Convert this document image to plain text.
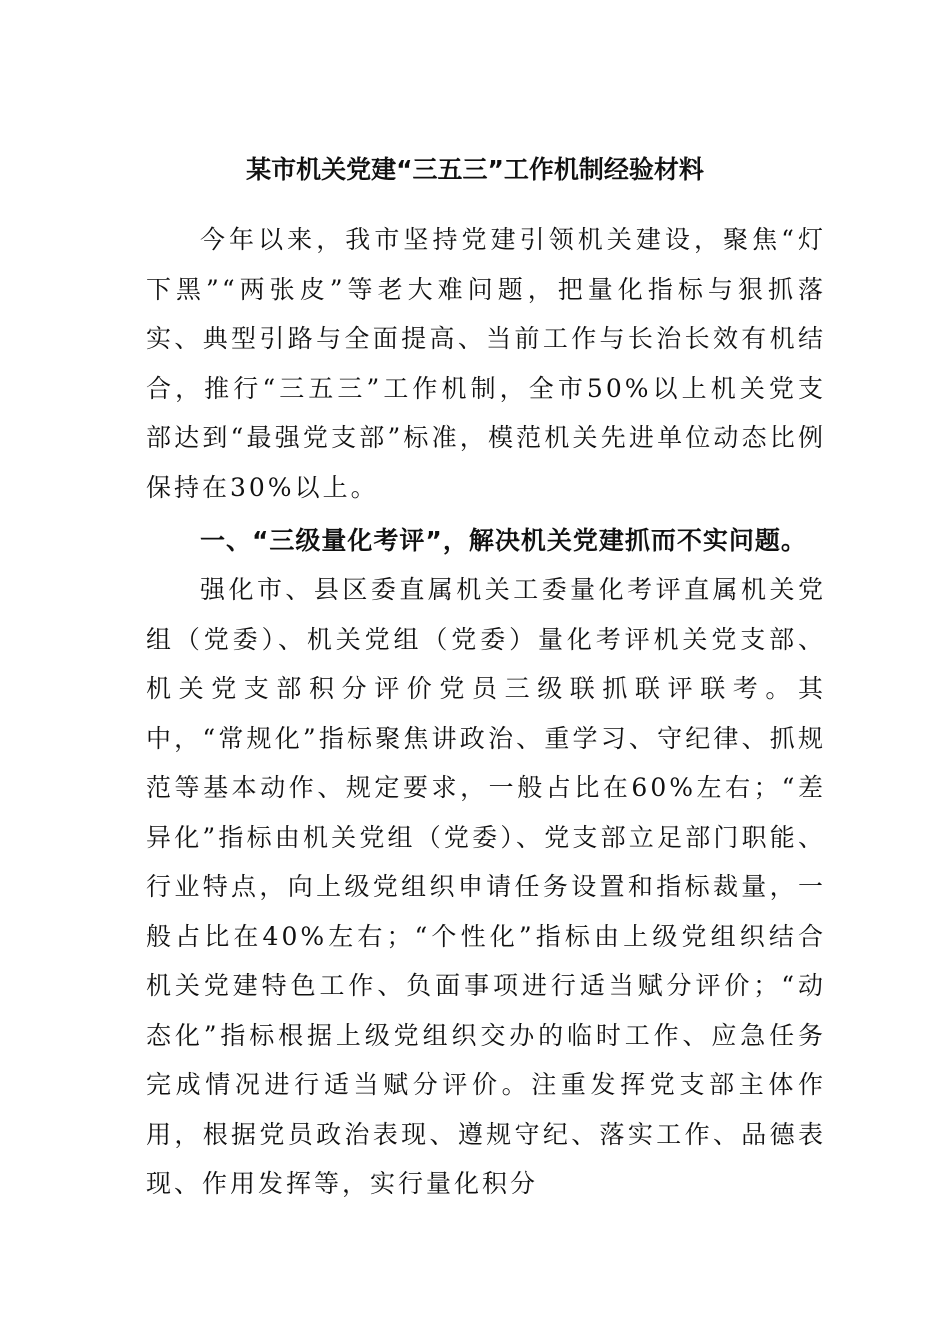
某市机关党建“三五三”工作机制经验材料

今年以来，我市坚持党建引领机关建设，聚焦“灯下黑”“两张皮”等老大难问题，把量化指标与狠抓落实、典型引路与全面提高、当前工作与长治长效有机结合，推行“三五三”工作机制，全市50%以上机关党支部达到“最强党支部”标准，模范机关先进单位动态比例保持在30%以上。

一、“三级量化考评”，解决机关党建抓而不实问题。

强化市、县区委直属机关工委量化考评直属机关党组（党委）、机关党组（党委）量化考评机关党支部、机关党支部积分评价党员三级联抓联评联考。其中，“常规化”指标聚焦讲政治、重学习、守纪律、抓规范等基本动作、规定要求，一般占比在60%左右；“差异化”指标由机关党组（党委）、党支部立足部门职能、行业特点，向上级党组织申请任务设置和指标裁量，一般占比在40%左右；“个性化”指标由上级党组织结合机关党建特色工作、负面事项进行适当赋分评价；“动态化”指标根据上级党组织交办的临时工作、应急任务完成情况进行适当赋分评价。注重发挥党支部主体作用，根据党员政治表现、遵规守纪、落实工作、品德表现、作用发挥等，实行量化积分
